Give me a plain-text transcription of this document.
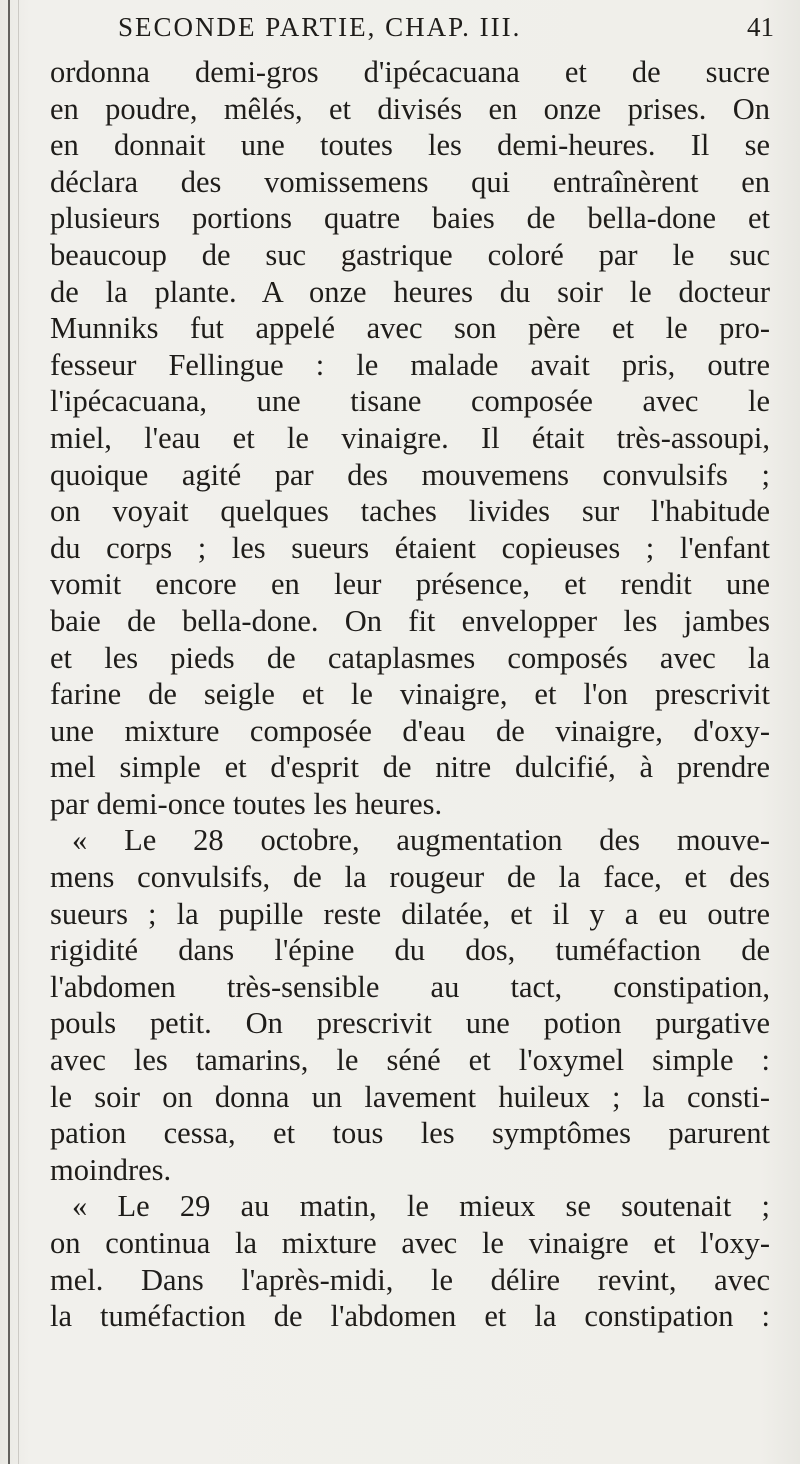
SECONDE PARTIE, CHAP. III.	41
ordonna demi-gros d'ipécacuana et de sucre
en poudre, mêlés, et divisés en onze prises. On
en donnait une toutes les demi-heures. Il se
déclara des vomissemens qui entraînèrent en
plusieurs portions quatre baies de bella-done et
beaucoup de suc gastrique coloré par le suc
de la plante. A onze heures du soir le docteur
Munniks fut appelé avec son père et le pro-
fesseur Fellingue : le malade avait pris, outre
l'ipécacuana, une tisane composée avec le
miel, l'eau et le vinaigre. Il était très-assoupi,
quoique agité par des mouvemens convulsifs ;
on voyait quelques taches livides sur l'habitude
du corps ; les sueurs étaient copieuses ; l'enfant
vomit encore en leur présence, et rendit une
baie de bella-done. On fit envelopper les jambes
et les pieds de cataplasmes composés avec la
farine de seigle et le vinaigre, et l'on prescrivit
une mixture composée d'eau de vinaigre, d'oxy-
mel simple et d'esprit de nitre dulcifié, à prendre
par demi-once toutes les heures.
« Le 28 octobre, augmentation des mouve-
mens convulsifs, de la rougeur de la face, et des
sueurs ; la pupille reste dilatée, et il y a eu outre
rigidité dans l'épine du dos, tuméfaction de
l'abdomen très-sensible au tact, constipation,
pouls petit. On prescrivit une potion purgative
avec les tamarins, le séné et l'oxymel simple :
le soir on donna un lavement huileux ; la consti-
pation cessa, et tous les symptômes parurent
moindres.
« Le 29 au matin, le mieux se soutenait ;
on continua la mixture avec le vinaigre et l'oxy-
mel. Dans l'après-midi, le délire revint, avec
la tuméfaction de l'abdomen et la constipation :
